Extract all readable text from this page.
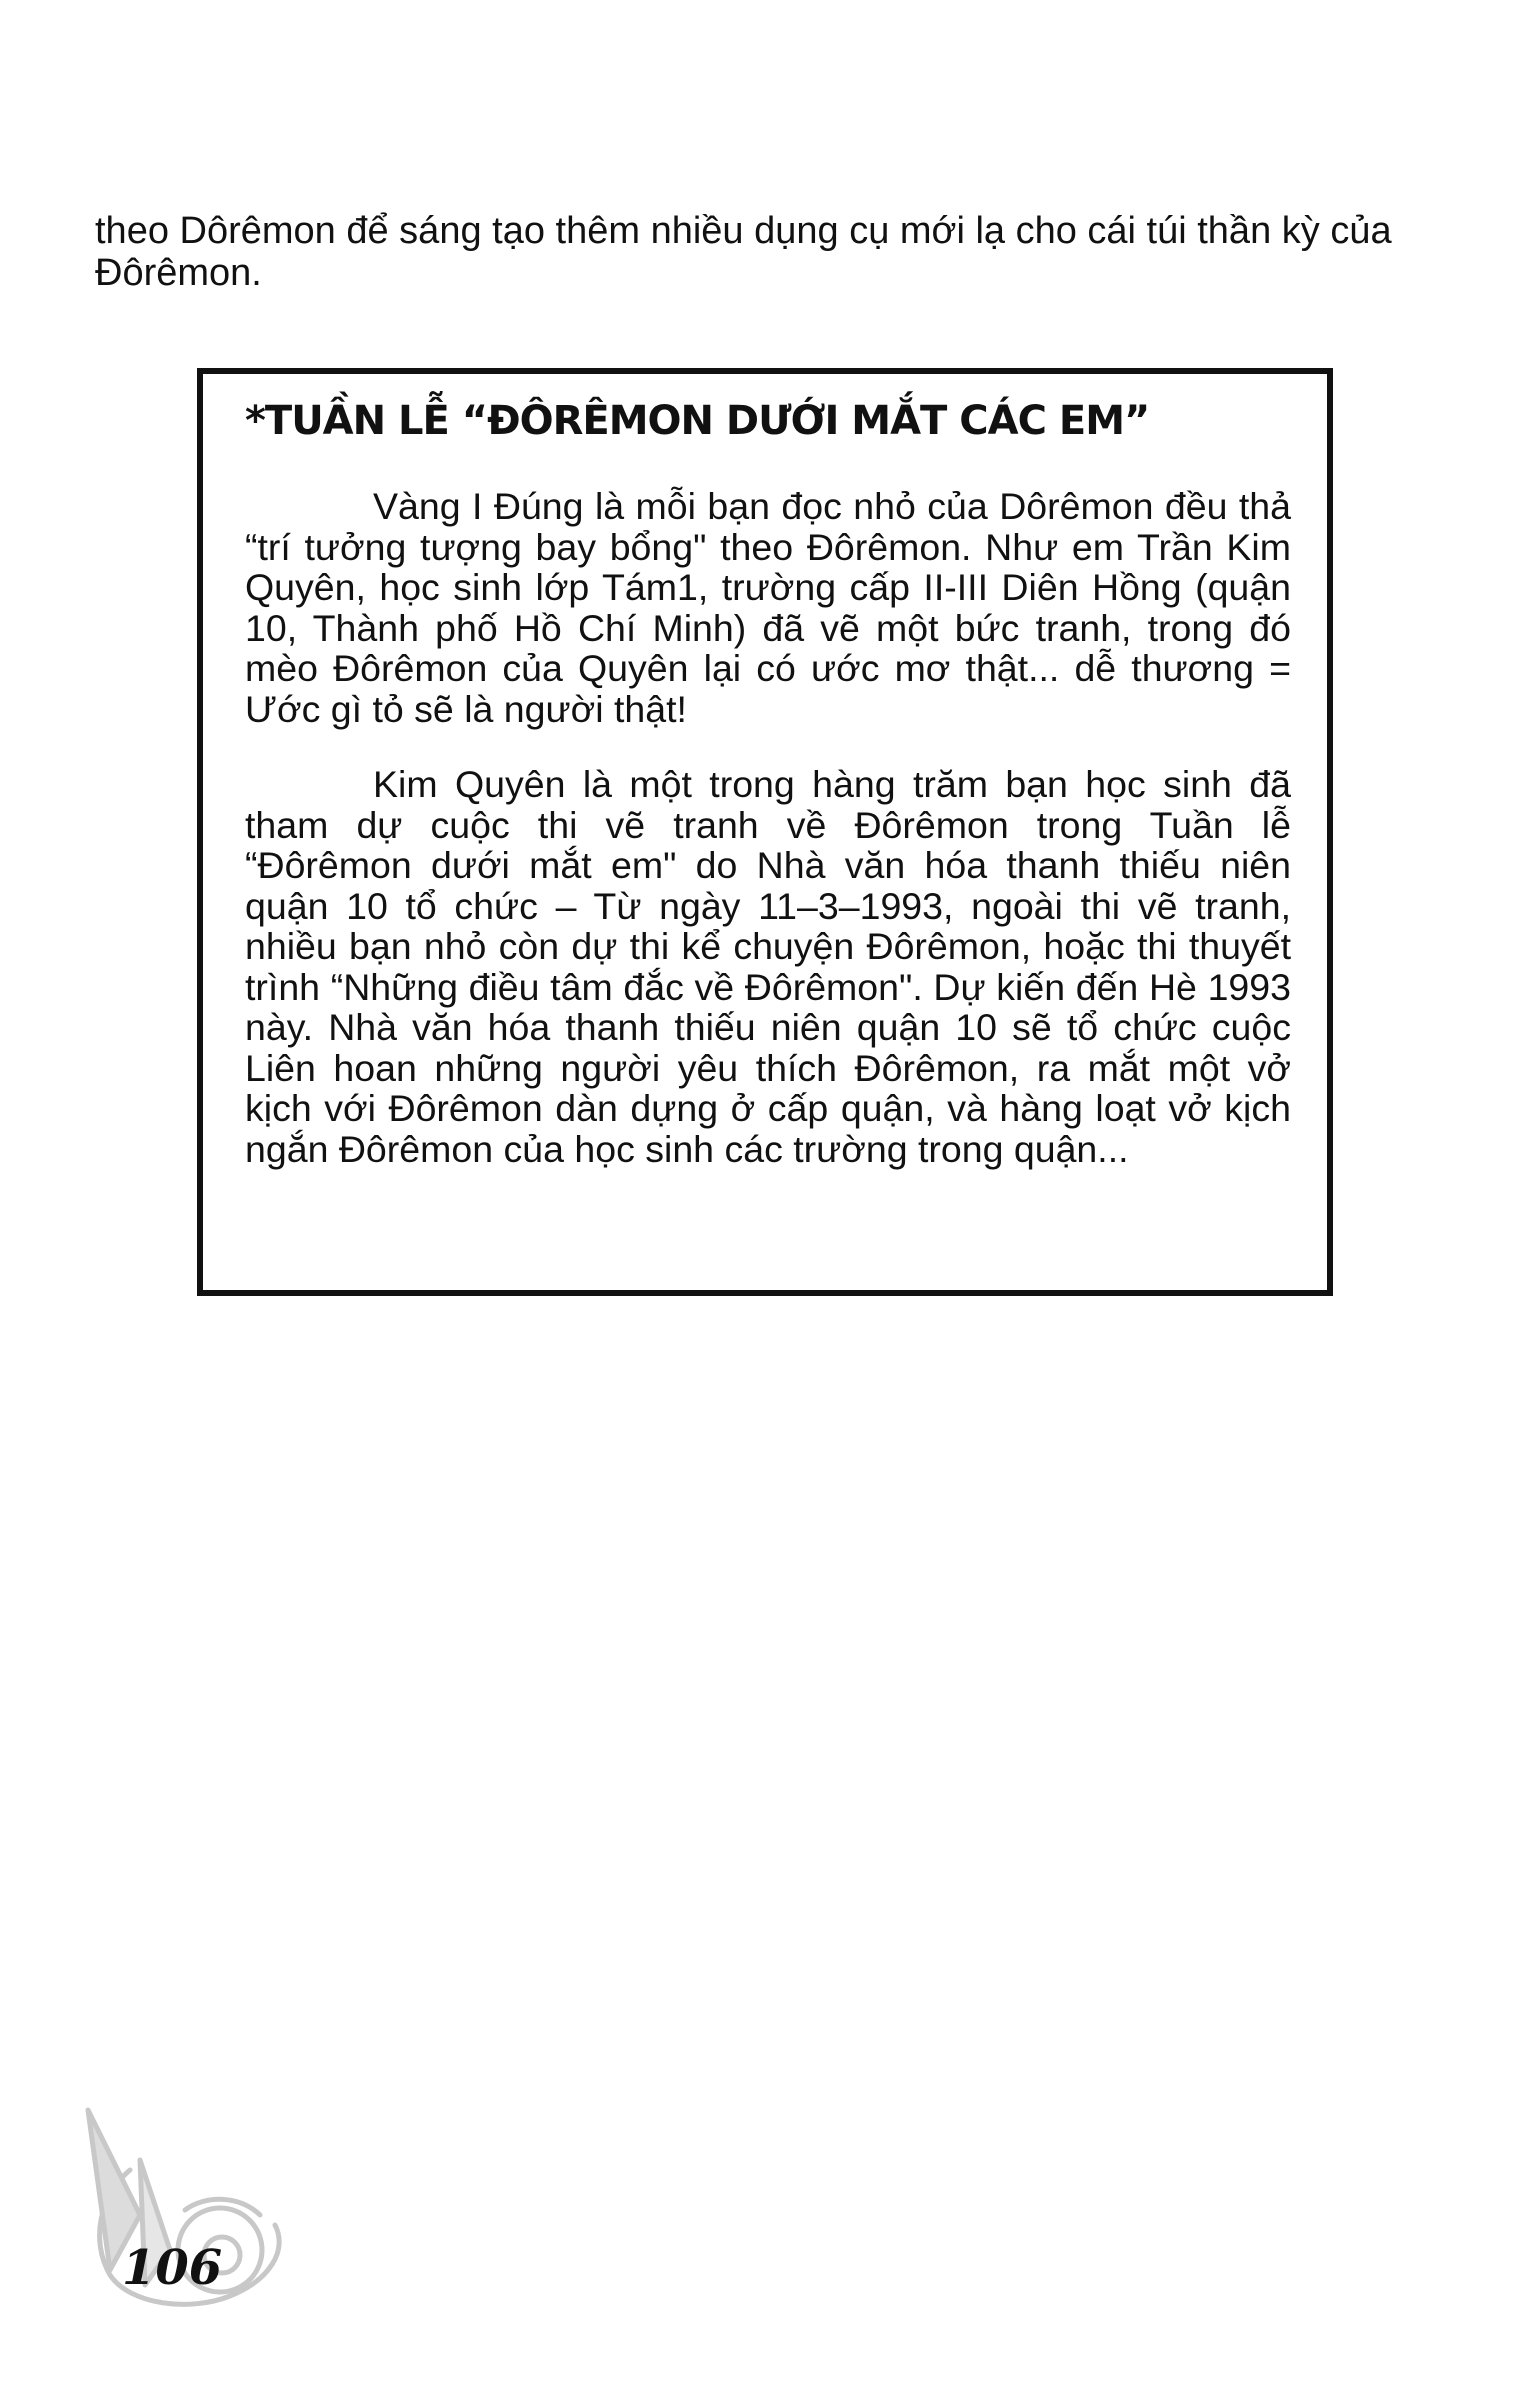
theo Dôrêmon để sáng tạo thêm nhiều dụng cụ mới lạ cho cái túi thần kỳ của Đôrêmon.

*TUẦN LỄ “ĐÔRÊMON DƯỚI MẮT CÁC EM”

Vàng I Đúng là mỗi bạn đọc nhỏ của Dôrêmon đều thả “trí tưởng tượng bay bổng" theo Đôrêmon. Như em Trần Kim Quyên, học sinh lớp Tám1, trường cấp II-III Diên Hồng (quận 10, Thành phố Hồ Chí Minh) đã vẽ một bức tranh, trong đó mèo Đôrêmon của Quyên lại có ước mơ thật... dễ thương = Ước gì tỏ sẽ là người thật!

Kim Quyên là một trong hàng trăm bạn học sinh đã tham dự cuộc thi vẽ tranh về Đôrêmon trong Tuần lễ “Đôrêmon dưới mắt em" do Nhà văn hóa thanh thiếu niên quận 10 tổ chức – Từ ngày 11–3–1993, ngoài thi vẽ tranh, nhiều bạn nhỏ còn dự thi kể chuyện Đôrêmon, hoặc thi thuyết trình “Những điều tâm đắc về Đôrêmon". Dự kiến đến Hè 1993 này. Nhà văn hóa thanh thiếu niên quận 10 sẽ tổ chức cuộc Liên hoan những người yêu thích Đôrêmon, ra mắt một vở kịch với Đôrêmon dàn dựng ở cấp quận, và hàng loạt vở kịch ngắn Đôrêmon của học sinh các trường trong quận...

106
